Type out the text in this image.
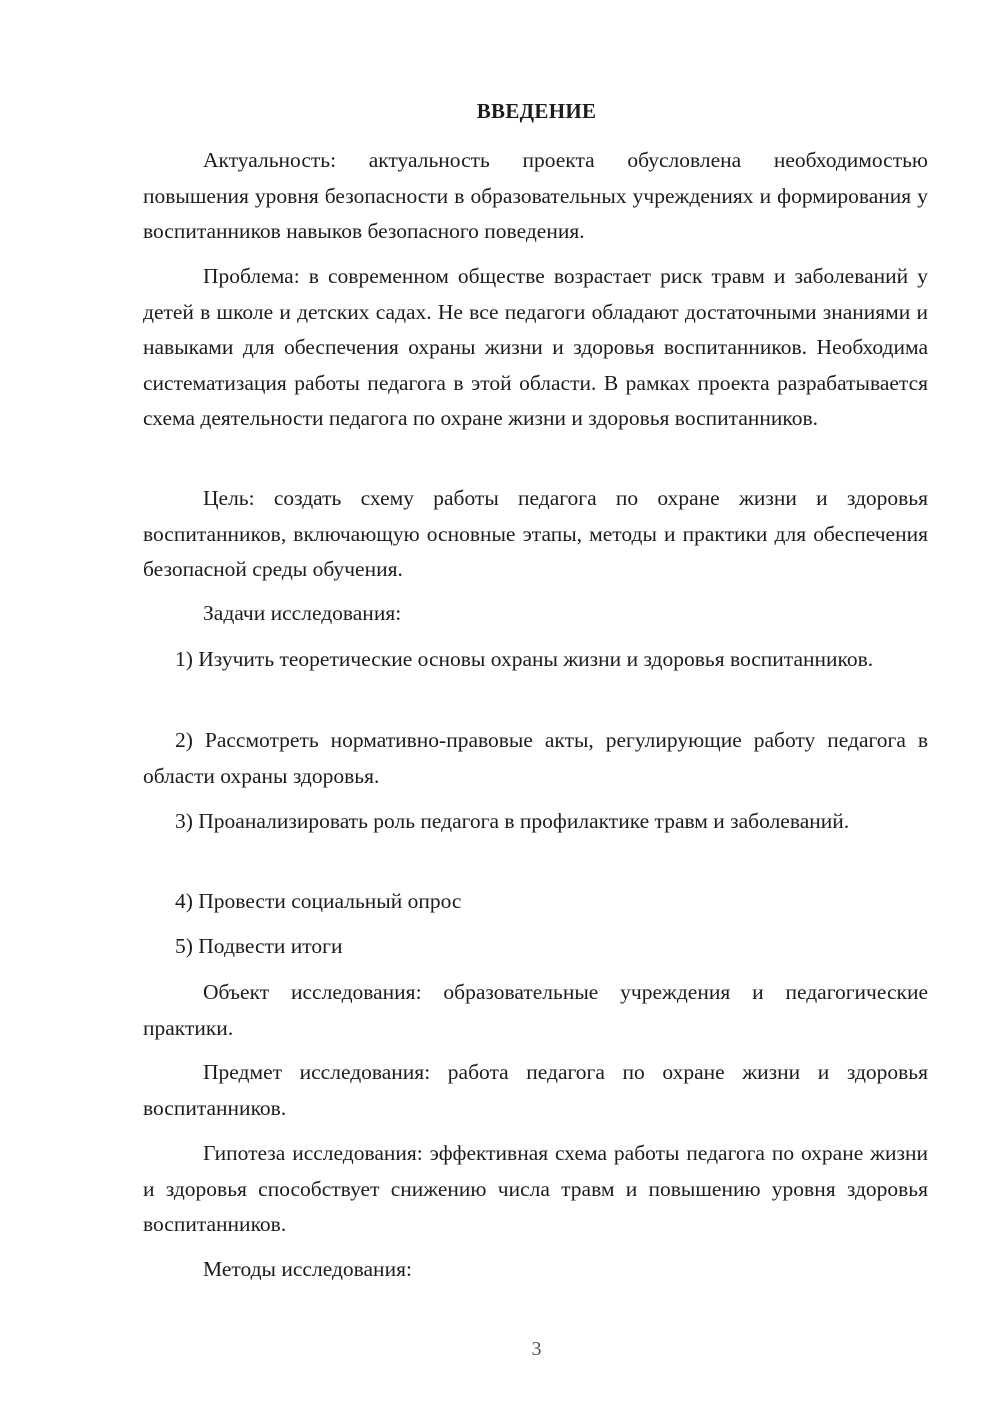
ВВЕДЕНИЕ

Актуальность: актуальность проекта обусловлена необходимостью повышения уровня безопасности в образовательных учреждениях и формирования у воспитанников навыков безопасного поведения.

Проблема: в современном обществе возрастает риск травм и заболеваний у детей в школе и детских садах. Не все педагоги обладают достаточными знаниями и навыками для обеспечения охраны жизни и здоровья воспитанников. Необходима систематизация работы педагога в этой области. В рамках проекта разрабатывается схема деятельности педагога по охране жизни и здоровья воспитанников.

Цель: создать схему работы педагога по охране жизни и здоровья воспитанников, включающую основные этапы, методы и практики для обеспечения безопасной среды обучения.

Задачи исследования:

1) Изучить теоретические основы охраны жизни и здоровья воспитанников.

2) Рассмотреть нормативно-правовые акты, регулирующие работу педагога в области охраны здоровья.

3) Проанализировать роль педагога в профилактике травм и заболеваний.

4) Провести социальный опрос

5) Подвести итоги

Объект исследования: образовательные учреждения и педагогические практики.

Предмет исследования: работа педагога по охране жизни и здоровья воспитанников.

Гипотеза исследования: эффективная схема работы педагога по охране жизни и здоровья способствует снижению числа травм и повышению уровня здоровья воспитанников.

Методы исследования:

3
